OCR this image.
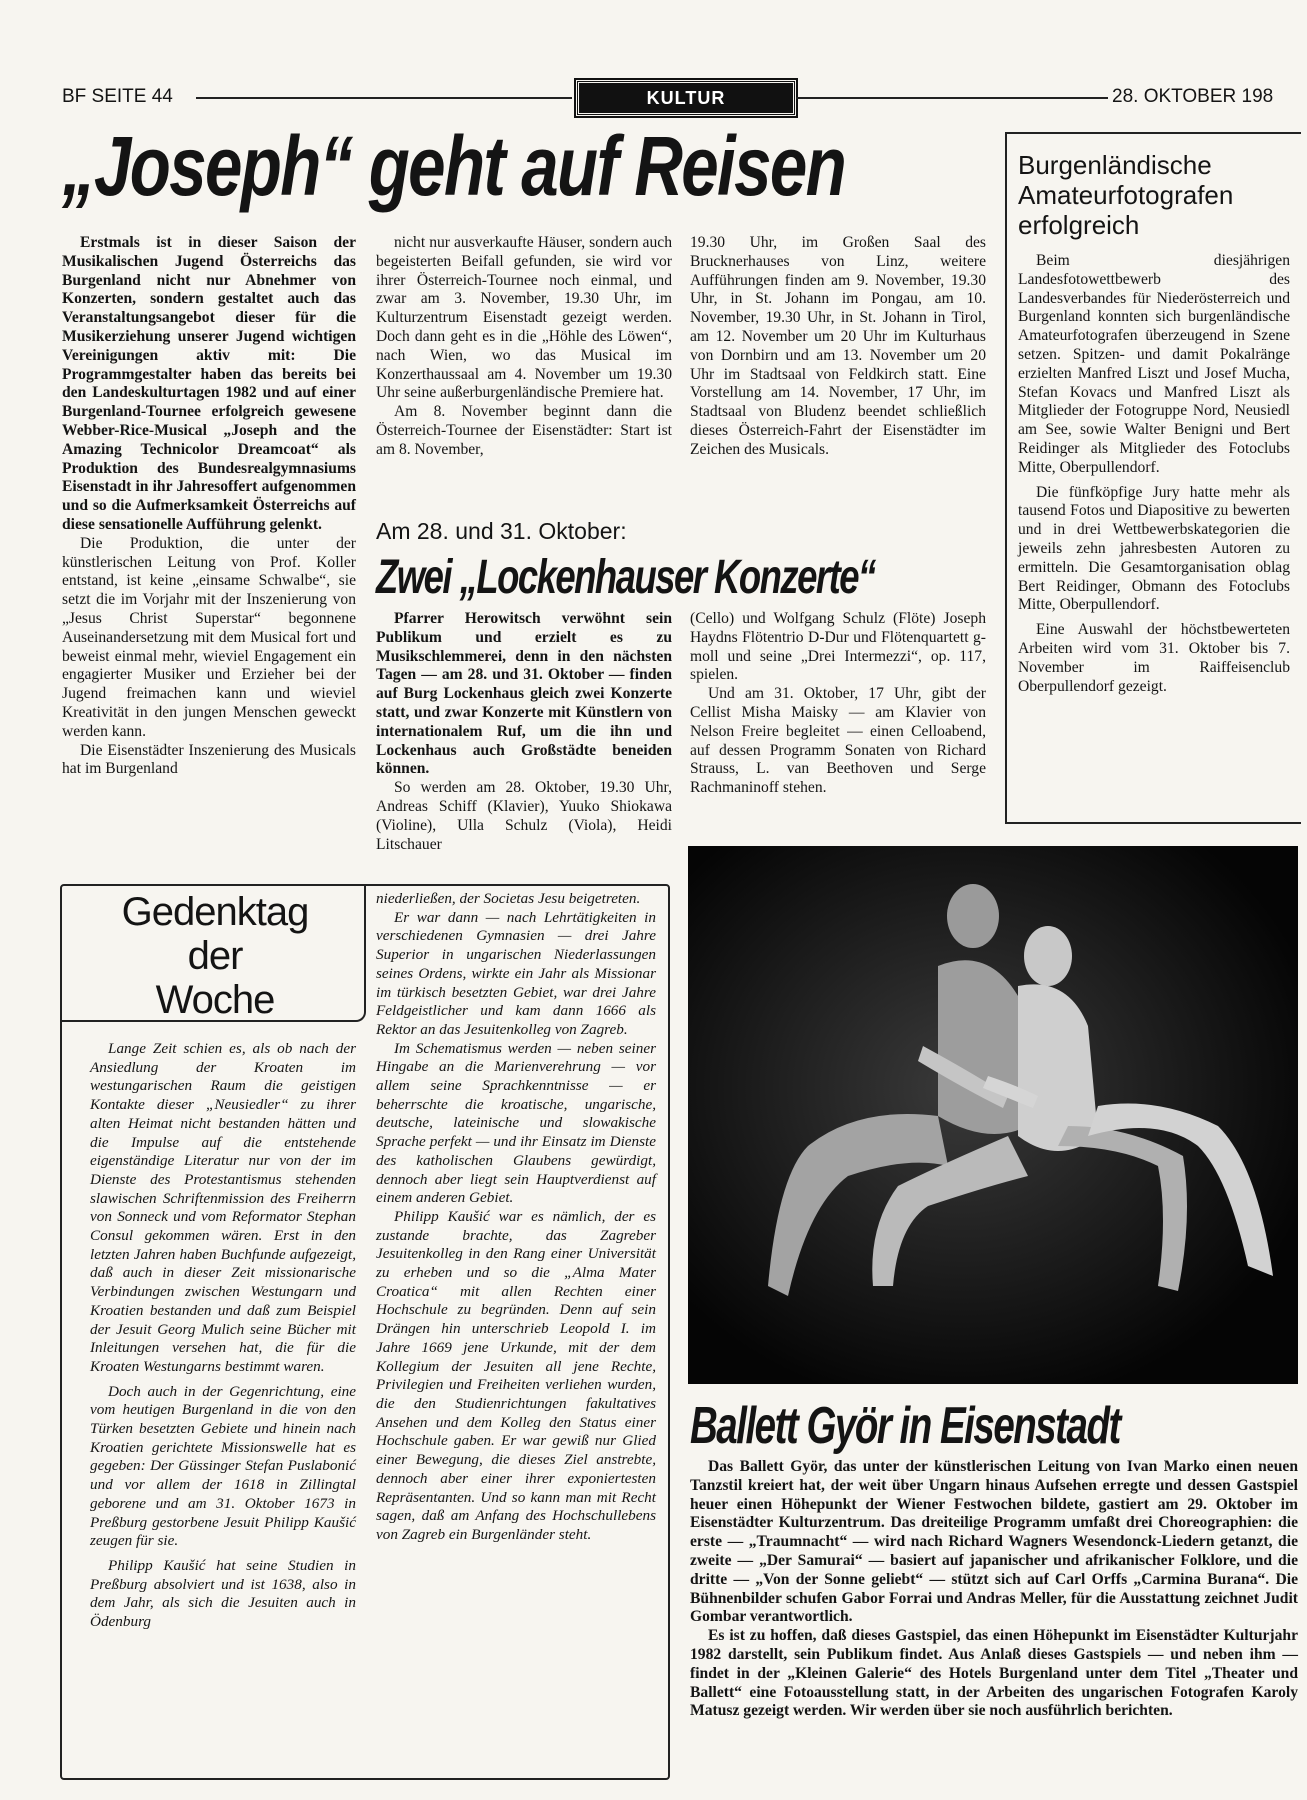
BF SEITE 44	KULTUR	28. OKTOBER 198
„Joseph“ geht auf Reisen

Erstmals ist in dieser Saison der Musikalischen Jugend Österreichs das Burgenland nicht nur Abnehmer von Konzerten, sondern gestaltet auch das Veranstaltungsangebot dieser für die Musikerziehung unserer Jugend wichtigen Vereinigungen aktiv mit: Die Programmgestalter haben das bereits bei den Landeskulturtagen 1982 und auf einer Burgenland-Tournee erfolgreich gewesene Webber-Rice-Musical „Joseph and the Amazing Technicolor Dreamcoat“ als Produktion des Bundesrealgymnasiums Eisenstadt in ihr Jahresoffert aufgenommen und so die Aufmerksamkeit Österreichs auf diese sensationelle Aufführung gelenkt.

Die Produktion, die unter der künstlerischen Leitung von Prof. Koller entstand, ist keine „einsame Schwalbe“, sie setzt die im Vorjahr mit der Inszenierung von „Jesus Christ Superstar“ begonnene Auseinandersetzung mit dem Musical fort und beweist einmal mehr, wieviel Engagement ein engagierter Musiker und Erzieher bei der Jugend freimachen kann und wieviel Kreativität in den jungen Menschen geweckt werden kann.

Die Eisenstädter Inszenierung des Musicals hat im Burgenland

nicht nur ausverkaufte Häuser, sondern auch begeisterten Beifall gefunden, sie wird vor ihrer Österreich-Tournee noch einmal, und zwar am 3. November, 19.30 Uhr, im Kulturzentrum Eisenstadt gezeigt werden. Doch dann geht es in die „Höhle des Löwen“, nach Wien, wo das Musical im Konzerthaussaal am 4. November um 19.30 Uhr seine außerburgenländische Premiere hat.

Am 8. November beginnt dann die Österreich-Tournee der Eisenstädter: Start ist am 8. November,

19.30 Uhr, im Großen Saal des Brucknerhauses von Linz, weitere Aufführungen finden am 9. November, 19.30 Uhr, in St. Johann im Pongau, am 10. November, 19.30 Uhr, in St. Johann in Tirol, am 12. November um 20 Uhr im Kulturhaus von Dornbirn und am 13. November um 20 Uhr im Stadtsaal von Feldkirch statt. Eine Vorstellung am 14. November, 17 Uhr, im Stadtsaal von Bludenz beendet schließlich dieses Österreich-Fahrt der Eisenstädter im Zeichen des Musicals.

Am 28. und 31. Oktober:
Zwei „Lockenhauser Konzerte“

Pfarrer Herowitsch verwöhnt sein Publikum und erzielt es zu Musikschlemmerei, denn in den nächsten Tagen — am 28. und 31. Oktober — finden auf Burg Lockenhaus gleich zwei Konzerte statt, und zwar Konzerte mit Künstlern von internationalem Ruf, um die ihn und Lockenhaus auch Großstädte beneiden können.

So werden am 28. Oktober, 19.30 Uhr, Andreas Schiff (Klavier), Yuuko Shiokawa (Violine), Ulla Schulz (Viola), Heidi Litschauer

(Cello) und Wolfgang Schulz (Flöte) Joseph Haydns Flötentrio D-Dur und Flötenquartett g-moll und seine „Drei Intermezzi“, op. 117, spielen.

Und am 31. Oktober, 17 Uhr, gibt der Cellist Misha Maisky — am Klavier von Nelson Freire begleitet — einen Celloabend, auf dessen Programm Sonaten von Richard Strauss, L. van Beethoven und Serge Rachmaninoff stehen.

Burgenländische Amateurfotografen erfolgreich

Beim diesjährigen Landesfotowettbewerb des Landesverbandes für Niederösterreich und Burgenland konnten sich burgenländische Amateurfotografen überzeugend in Szene setzen. Spitzen- und damit Pokalränge erzielten Manfred Liszt und Josef Mucha, Stefan Kovacs und Manfred Liszt als Mitglieder der Fotogruppe Nord, Neusiedl am See, sowie Walter Benigni und Bert Reidinger als Mitglieder des Fotoclubs Mitte, Oberpullendorf.

Die fünfköpfige Jury hatte mehr als tausend Fotos und Diapositive zu bewerten und in drei Wettbewerbskategorien die jeweils zehn jahresbesten Autoren zu ermitteln. Die Gesamtorganisation oblag Bert Reidinger, Obmann des Fotoclubs Mitte, Oberpullendorf.

Eine Auswahl der höchstbewerteten Arbeiten wird vom 31. Oktober bis 7. November im Raiffeisenclub Oberpullendorf gezeigt.

Gedenktag
der
Woche

Lange Zeit schien es, als ob nach der Ansiedlung der Kroaten im westungarischen Raum die geistigen Kontakte dieser „Neusiedler“ zu ihrer alten Heimat nicht bestanden hätten und die Impulse auf die entstehende eigenständige Literatur nur von der im Dienste des Protestantismus stehenden slawischen Schriftenmission des Freiherrn von Sonneck und vom Reformator Stephan Consul gekommen wären. Erst in den letzten Jahren haben Buchfunde aufgezeigt, daß auch in dieser Zeit missionarische Verbindungen zwischen Westungarn und Kroatien bestanden und daß zum Beispiel der Jesuit Georg Mulich seine Bücher mit Inleitungen versehen hat, die für die Kroaten Westungarns bestimmt waren.

Doch auch in der Gegenrichtung, eine vom heutigen Burgenland in die von den Türken besetzten Gebiete und hinein nach Kroatien gerichtete Missionswelle hat es gegeben: Der Güssinger Stefan Puslabonić und vor allem der 1618 in Zillingtal geborene und am 31. Oktober 1673 in Preßburg gestorbene Jesuit Philipp Kaušić zeugen für sie.

Philipp Kaušić hat seine Studien in Preßburg absolviert und ist 1638, also in dem Jahr, als sich die Jesuiten auch in Ödenburg

niederließen, der Societas Jesu beigetreten.

Er war dann — nach Lehrtätigkeiten in verschiedenen Gymnasien — drei Jahre Superior in ungarischen Niederlassungen seines Ordens, wirkte ein Jahr als Missionar im türkisch besetzten Gebiet, war drei Jahre Feldgeistlicher und kam dann 1666 als Rektor an das Jesuitenkolleg von Zagreb.

Im Schematismus werden — neben seiner Hingabe an die Marienverehrung — vor allem seine Sprachkenntnisse — er beherrschte die kroatische, ungarische, deutsche, lateinische und slowakische Sprache perfekt — und ihr Einsatz im Dienste des katholischen Glaubens gewürdigt, dennoch aber liegt sein Hauptverdienst auf einem anderen Gebiet.

Philipp Kaušić war es nämlich, der es zustande brachte, das Zagreber Jesuitenkolleg in den Rang einer Universität zu erheben und so die „Alma Mater Croatica“ mit allen Rechten einer Hochschule zu begründen. Denn auf sein Drängen hin unterschrieb Leopold I. im Jahre 1669 jene Urkunde, mit der dem Kollegium der Jesuiten all jene Rechte, Privilegien und Freiheiten verliehen wurden, die den Studienrichtungen fakultatives Ansehen und dem Kolleg den Status einer Hochschule gaben. Er war gewiß nur Glied einer Bewegung, die dieses Ziel anstrebte, dennoch aber einer ihrer exponiertesten Repräsentanten. Und so kann man mit Recht sagen, daß am Anfang des Hochschullebens von Zagreb ein Burgenländer steht.

Ballett Györ in Eisenstadt

Das Ballett Györ, das unter der künstlerischen Leitung von Ivan Marko einen neuen Tanzstil kreiert hat, der weit über Ungarn hinaus Aufsehen erregte und dessen Gastspiel heuer einen Höhepunkt der Wiener Festwochen bildete, gastiert am 29. Oktober im Eisenstädter Kulturzentrum. Das dreiteilige Programm umfaßt drei Choreographien: die erste — „Traumnacht“ — wird nach Richard Wagners Wesendonck-Liedern getanzt, die zweite — „Der Samurai“ — basiert auf japanischer und afrikanischer Folklore, und die dritte — „Von der Sonne geliebt“ — stützt sich auf Carl Orffs „Carmina Burana“. Die Bühnenbilder schufen Gabor Forrai und Andras Meller, für die Ausstattung zeichnet Judit Gombar verantwortlich.

Es ist zu hoffen, daß dieses Gastspiel, das einen Höhepunkt im Eisenstädter Kulturjahr 1982 darstellt, sein Publikum findet. Aus Anlaß dieses Gastspiels — und neben ihm — findet in der „Kleinen Galerie“ des Hotels Burgenland unter dem Titel „Theater und Ballett“ eine Fotoausstellung statt, in der Arbeiten des ungarischen Fotografen Karoly Matusz gezeigt werden. Wir werden über sie noch ausführlich berichten.
